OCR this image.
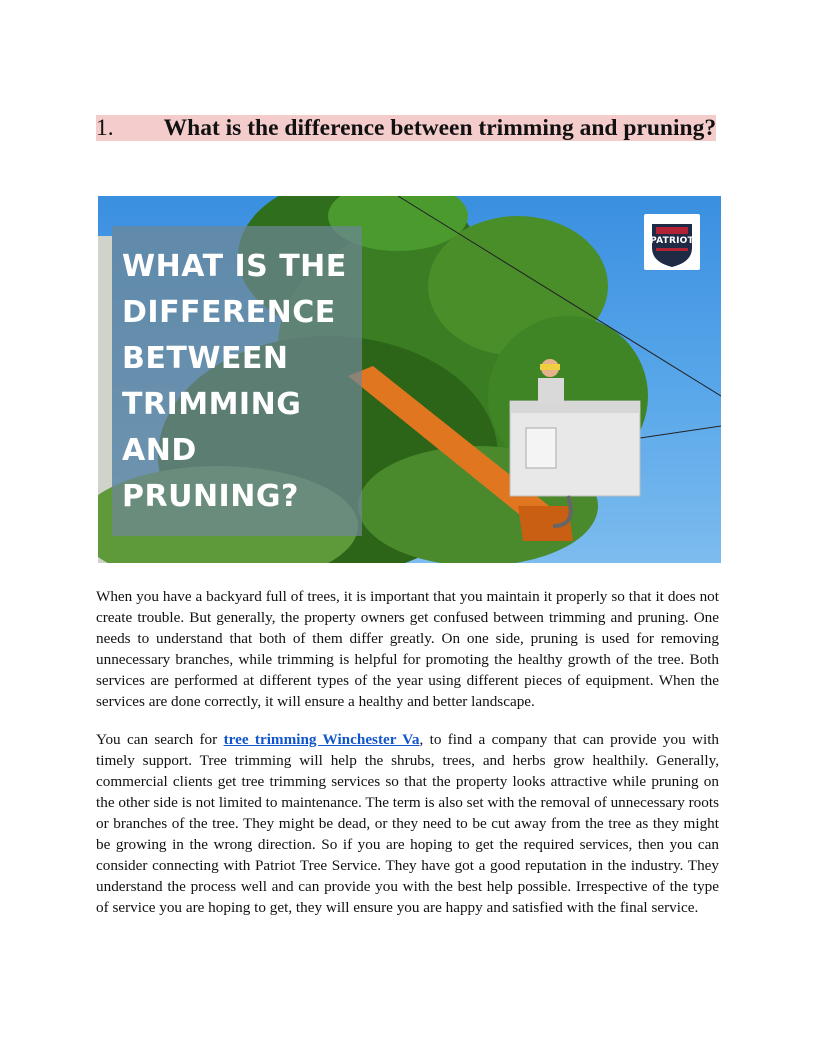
1. What is the difference between trimming and pruning?
WHAT IS THE
DIFFERENCE
BETWEEN
TRIMMING
AND
PRUNING?
PATRIOT

When you have a backyard full of trees, it is important that you maintain it properly so that it does not create trouble. But generally, the property owners get confused between trimming and pruning. One needs to understand that both of them differ greatly. On one side, pruning is used for removing unnecessary branches, while trimming is helpful for promoting the healthy growth of the tree. Both services are performed at different types of the year using different pieces of equipment. When the services are done correctly, it will ensure a healthy and better landscape.

You can search for tree trimming Winchester Va, to find a company that can provide you with timely support. Tree trimming will help the shrubs, trees, and herbs grow healthily. Generally, commercial clients get tree trimming services so that the property looks attractive while pruning on the other side is not limited to maintenance. The term is also set with the removal of unnecessary roots or branches of the tree. They might be dead, or they need to be cut away from the tree as they might be growing in the wrong direction. So if you are hoping to get the required services, then you can consider connecting with Patriot Tree Service. They have got a good reputation in the industry. They understand the process well and can provide you with the best help possible. Irrespective of the type of service you are hoping to get, they will ensure you are happy and satisfied with the final service.
